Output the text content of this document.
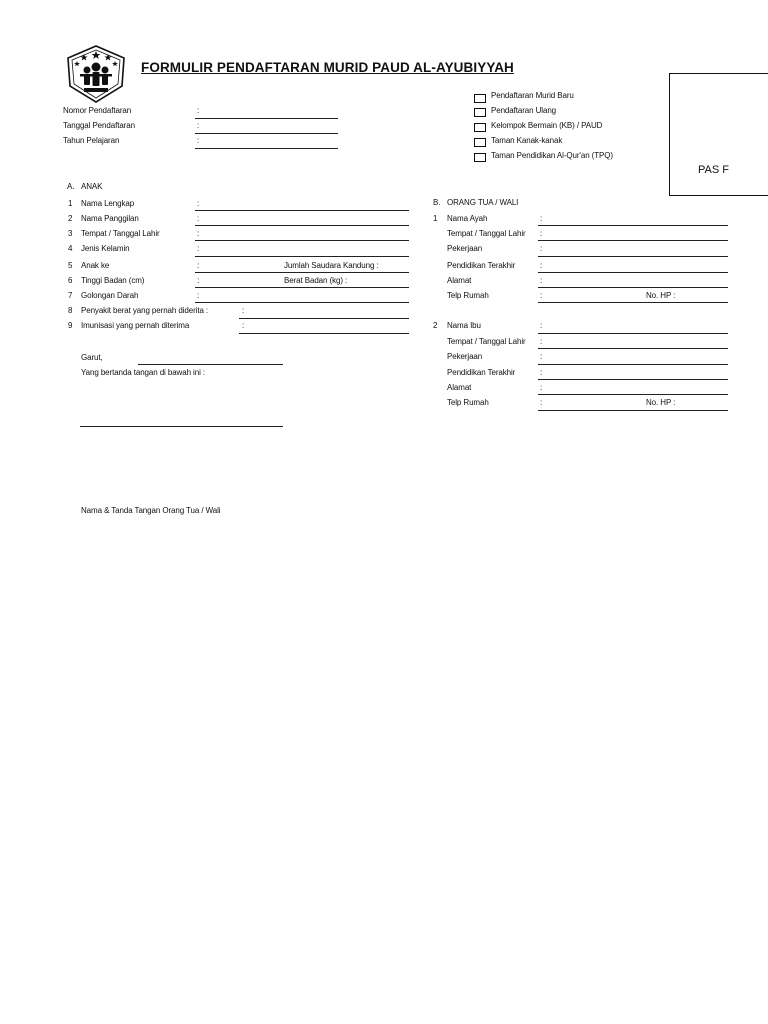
FORMULIR PENDAFTARAN MURID PAUD AL-AYUBIYYAH
Nomor Pendaftaran	:
Tanggal Pendaftaran	:
Tahun Pelajaran	:
Pendaftaran Murid Baru
Pendaftaran Ulang
Kelompok Bermain (KB) / PAUD
Taman Kanak-kanak
Taman Pendidikan Al-Qur'an (TPQ)
PAS F
A. ANAK
1 Nama Lengkap	:
2 Nama Panggilan	:
3 Tempat / Tanggal Lahir	:
4 Jenis Kelamin	:
5 Anak ke	:	Jumlah Saudara Kandung :
6 Tinggi Badan (cm)	:	Berat Badan (kg) :
7 Golongan Darah	:
8 Penyakit berat yang pernah diderita :	:
9 Imunisasi yang pernah diterima	:
Garut,
Yang bertanda tangan di bawah ini :
Nama & Tanda Tangan Orang Tua / Wali
B. ORANG TUA / WALI
1 Nama Ayah	:
Tempat / Tanggal Lahir :
Pekerjaan	:
Pendidikan Terakhir	:
Alamat	:
Telp Rumah	:	No. HP :
2 Nama Ibu	:
Tempat / Tanggal Lahir :
Pekerjaan	:
Pendidikan Terakhir	:
Alamat	:
Telp Rumah	:	No. HP :
